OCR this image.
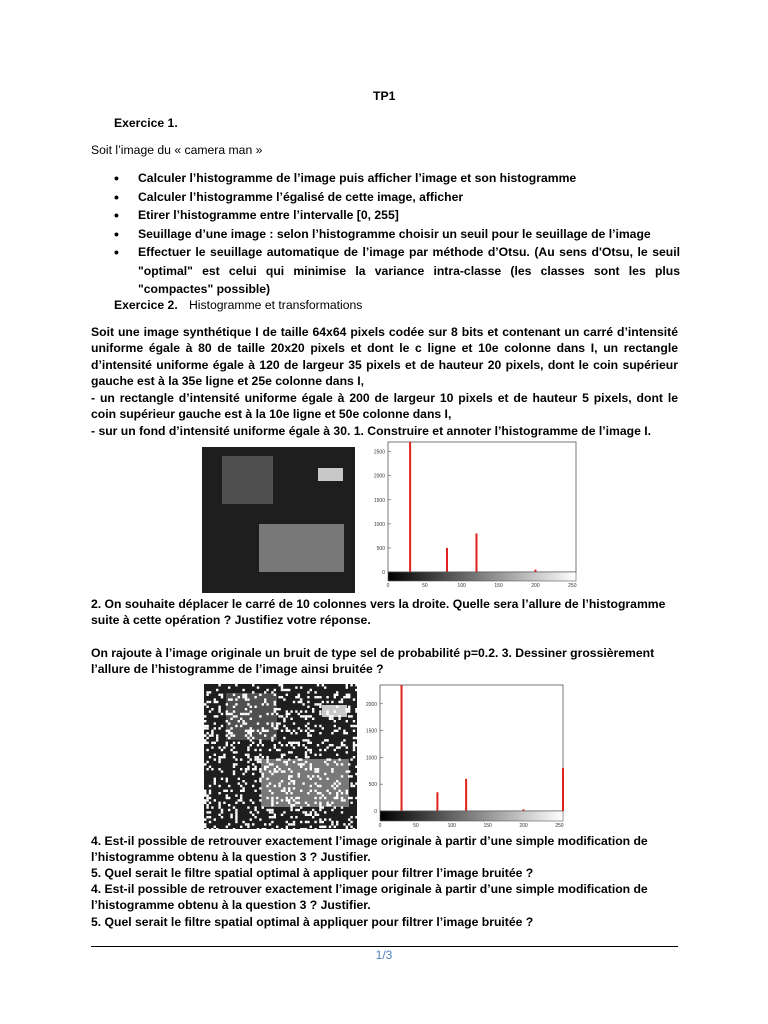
TP1
Exercice 1.
Soit l’image du « camera man »
• Calculer l’histogramme de l’image puis afficher l’image et son histogramme
• Calculer l’histogramme l’égalisé de cette image, afficher
• Etirer l’histogramme entre l’intervalle [0, 255]
• Seuillage d’une image : selon l’histogramme choisir un seuil pour le seuillage de l’image
• Effectuer le seuillage automatique de l’image par méthode d’Otsu. (Au sens d'Otsu, le seuil "optimal" est celui qui minimise la variance intra-classe (les classes sont les plus "compactes" possible)
Exercice 2. Histogramme et transformations
Soit une image synthétique I de taille 64x64 pixels codée sur 8 bits et contenant un carré d’intensité uniforme égale à 80 de taille 20x20 pixels et dont le c ligne et 10e colonne dans I, un rectangle d’intensité uniforme égale à 120 de largeur 35 pixels et de hauteur 20 pixels, dont le coin supérieur gauche est à la 35e ligne et 25e colonne dans I,
- un rectangle d’intensité uniforme égale à 200 de largeur 10 pixels et de hauteur 5 pixels, dont le coin supérieur gauche est à la 10e ligne et 50e colonne dans I,
- sur un fond d’intensité uniforme égale à 30. 1. Construire et annoter l’histogramme de l’image I.
0
500
1000
1500
2000
2500
0	50	100	150	200	250
2. On souhaite déplacer le carré de 10 colonnes vers la droite. Quelle sera l’allure de l’histogramme
suite à cette opération ? Justifiez votre réponse.
On rajoute à l’image originale un bruit de type sel de probabilité p=0.2. 3. Dessiner grossièrement
l’allure de l’histogramme de l’image ainsi bruitée ?
0
500
1000
1500
2000
0	50	100	150	200	250
4. Est-il possible de retrouver exactement l’image originale à partir d’une simple modification de
l’histogramme obtenu à la question 3 ? Justifier.
5. Quel serait le filtre spatial optimal à appliquer pour filtrer l’image bruitée ?
4. Est-il possible de retrouver exactement l’image originale à partir d’une simple modification de
l’histogramme obtenu à la question 3 ? Justifier.
5. Quel serait le filtre spatial optimal à appliquer pour filtrer l’image bruitée ?
1/3
